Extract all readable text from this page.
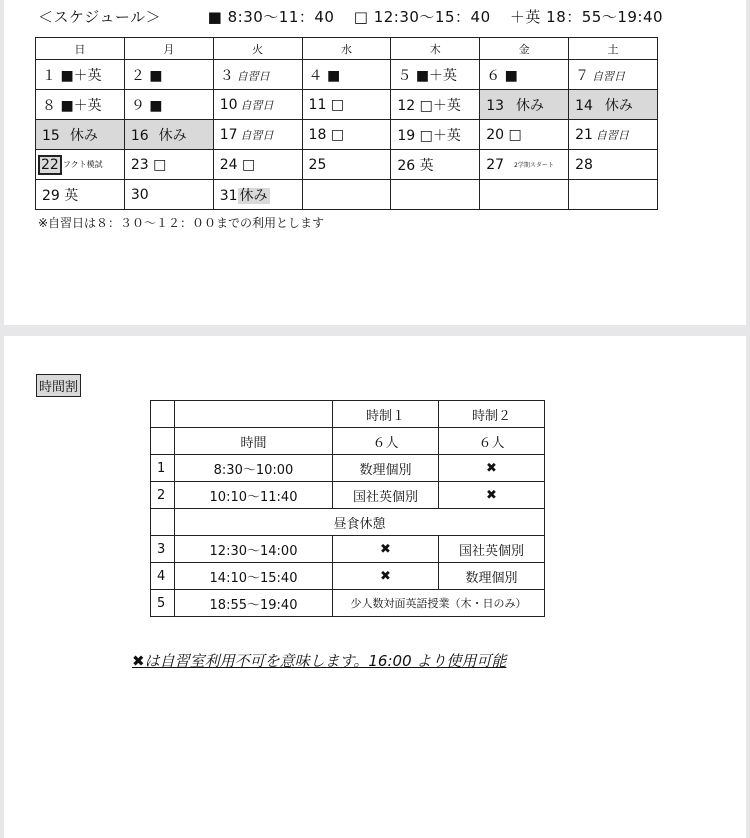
＜スケジュール＞	■ 8:30〜11：40 □ 12:30〜15：40 ＋英 18：55〜19:40
日	月	火	水	木	金	土
１ ■＋英	２ ■	３ 自習日	４ ■	５ ■＋英	６ ■	７ 自習日
８ ■＋英	９ ■	10 自習日	11 □	12 □＋英	13 休み	14 休み
15 休み	16 休み	17 自習日	18 □	19 □＋英	20 □	21 自習日
22 フクト模試	23 □	24 □	25	26 英	27 2学期スタート	28
29 英	30	31 休み				
※自習日は８：３０〜１２：００までの利用とします
時間割
		時制１	時制２
	時間	６人	６人
1	8:30〜10:00	数理個別	✖
2	10:10〜11:40	国社英個別	✖
	昼食休憩		
3	12:30〜14:00	✖	国社英個別
4	14:10〜15:40	✖	数理個別
5	18:55〜19:40	少人数対面英語授業（木・日のみ）	
✖は自習室利用不可を意味します。16:00 より使用可能
